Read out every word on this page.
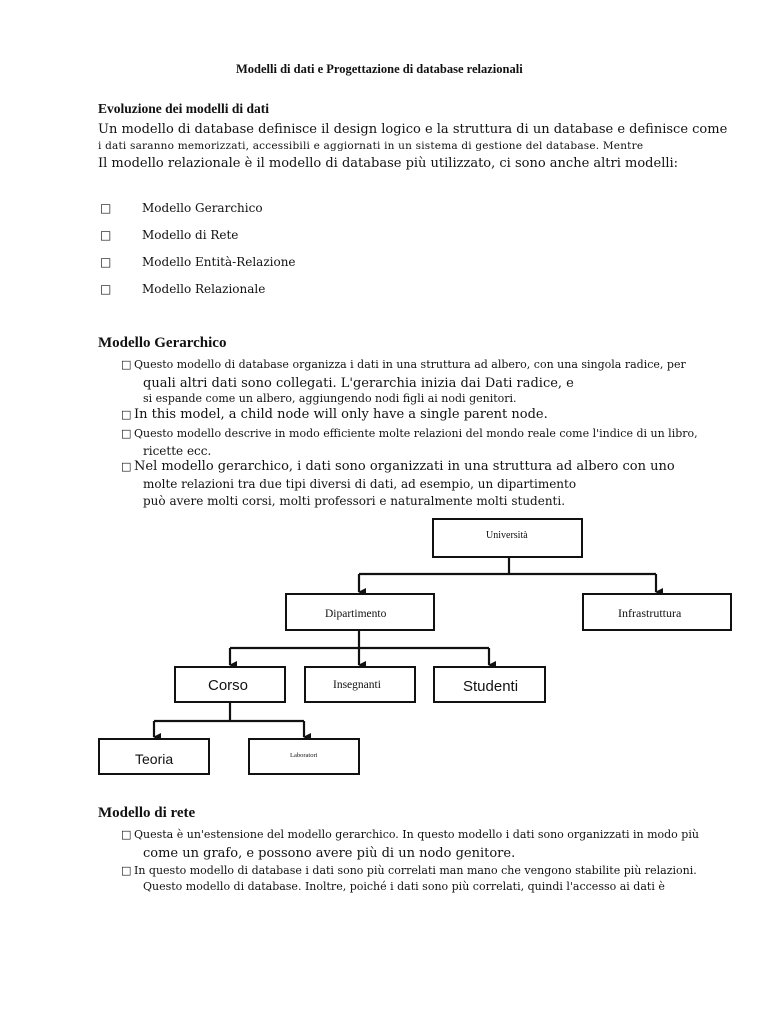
Modelli di dati e Progettazione di database relazionali
Evoluzione dei modelli di dati
Un modello di database definisce il design logico e la struttura di un database e definisce come
i dati saranno memorizzati, accessibili e aggiornati in un sistema di gestione del database. Mentre
Il modello relazionale è il modello di database più utilizzato, ci sono anche altri modelli:
□	Modello Gerarchico
□	Modello di Rete
□	Modello Entità-Relazione
□	Modello Relazionale
Modello Gerarchico
□ Questo modello di database organizza i dati in una struttura ad albero, con una singola radice, per
quali altri dati sono collegati. L'gerarchia inizia dai Dati radice, e
si espande come un albero, aggiungendo nodi figli ai nodi genitori.
□ In this model, a child node will only have a single parent node.
□ Questo modello descrive in modo efficiente molte relazioni del mondo reale come l'indice di un libro,
ricette ecc.
□ Nel modello gerarchico, i dati sono organizzati in una struttura ad albero con uno
molte relazioni tra due tipi diversi di dati, ad esempio, un dipartimento
può avere molti corsi, molti professori e naturalmente molti studenti.
Università
Dipartimento	Infrastruttura
Corso	Insegnanti	Studenti
Teoria	Laboratori
Modello di rete
□ Questa è un'estensione del modello gerarchico. In questo modello i dati sono organizzati in modo più
come un grafo, e possono avere più di un nodo genitore.
□ In questo modello di database i dati sono più correlati man mano che vengono stabilite più relazioni.
Questo modello di database. Inoltre, poiché i dati sono più correlati, quindi l'accesso ai dati è
